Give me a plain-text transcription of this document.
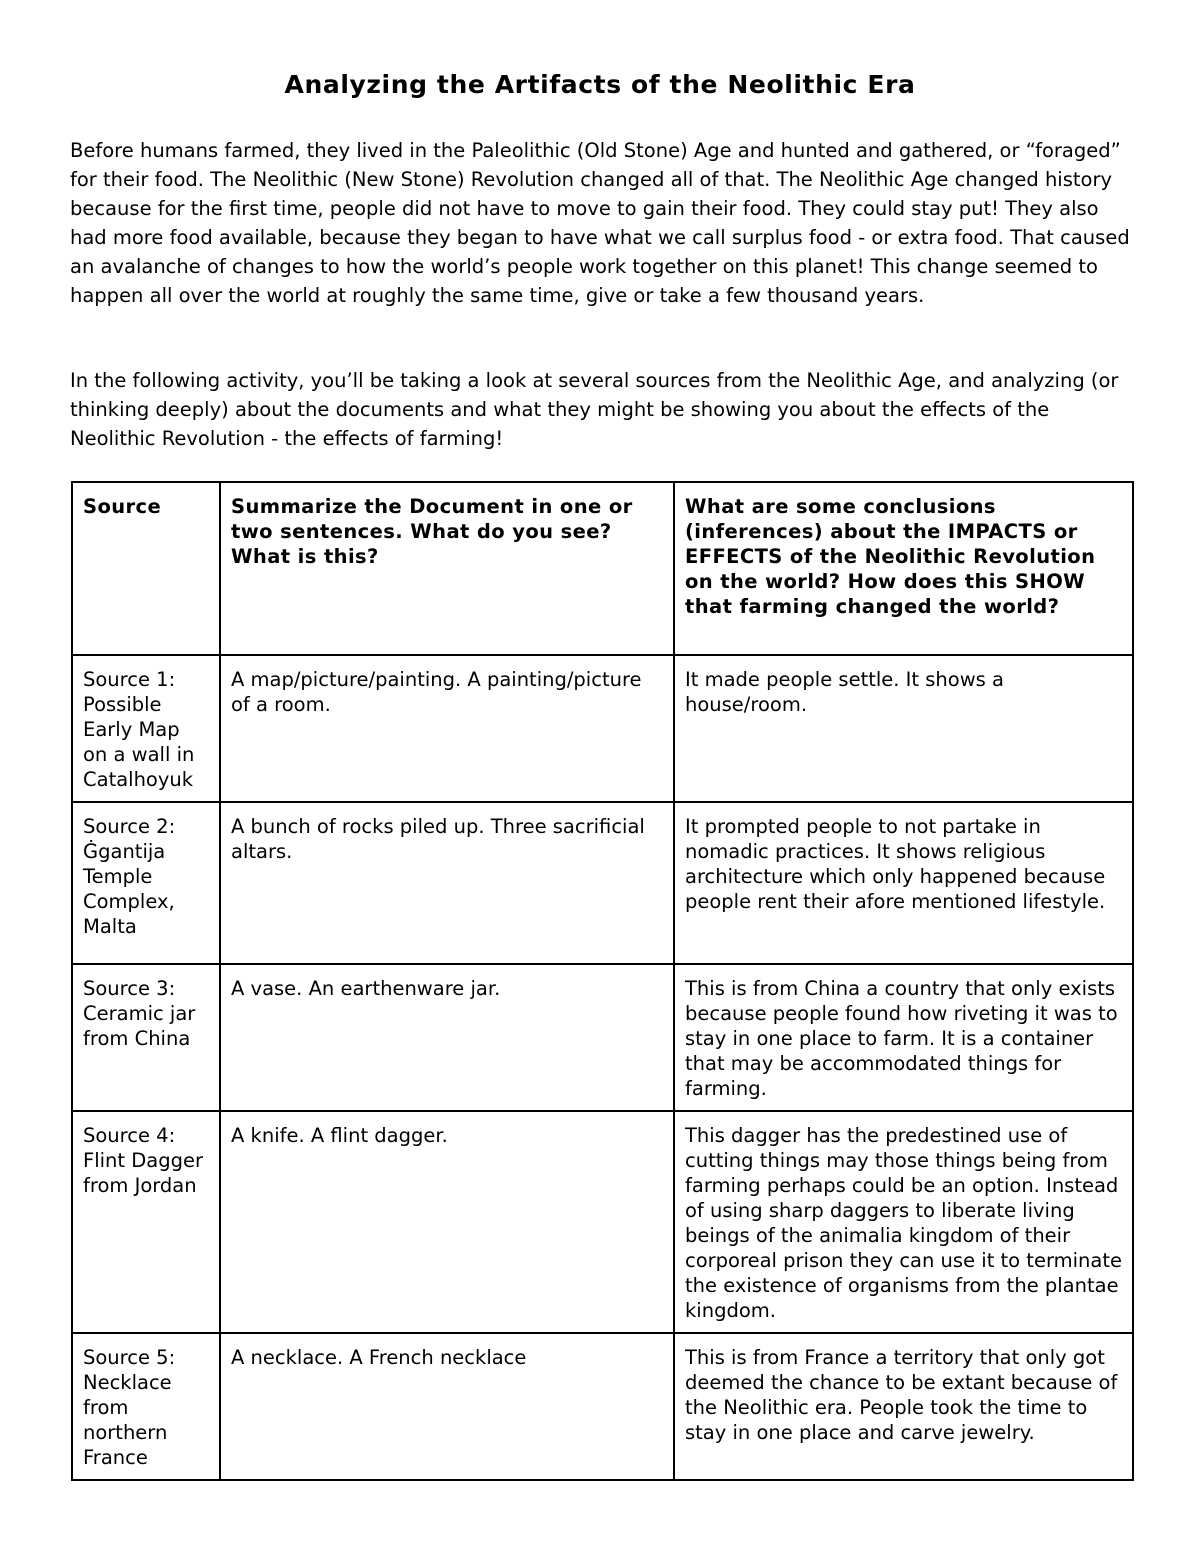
Analyzing the Artifacts of the Neolithic Era

Before humans farmed, they lived in the Paleolithic (Old Stone) Age and hunted and gathered, or “foraged” for their food. The Neolithic (New Stone) Revolution changed all of that. The Neolithic Age changed history because for the first time, people did not have to move to gain their food. They could stay put! They also had more food available, because they began to have what we call surplus food - or extra food. That caused an avalanche of changes to how the world’s people work together on this planet! This change seemed to happen all over the world at roughly the same time, give or take a few thousand years.

In the following activity, you’ll be taking a look at several sources from the Neolithic Age, and analyzing (or thinking deeply) about the documents and what they might be showing you about the effects of the Neolithic Revolution - the effects of farming!

Source	Summarize the Document in one or two sentences. What do you see? What is this?	What are some conclusions (inferences) about the IMPACTS or EFFECTS of the Neolithic Revolution on the world? How does this SHOW that farming changed the world?
Source 1: Possible Early Map on a wall in Catalhoyuk	A map/picture/painting. A painting/picture of a room.	It made people settle. It shows a house/room.
Source 2: Ġgantija Temple Complex, Malta	A bunch of rocks piled up. Three sacrificial altars.	It prompted people to not partake in nomadic practices. It shows religious architecture which only happened because people rent their afore mentioned lifestyle.
Source 3: Ceramic jar from China	A vase. An earthenware jar.	This is from China a country that only exists because people found how riveting it was to stay in one place to farm. It is a container that may be accommodated things for farming.
Source 4: Flint Dagger from Jordan	A knife. A flint dagger.	This dagger has the predestined use of cutting things may those things being from farming perhaps could be an option. Instead of using sharp daggers to liberate living beings of the animalia kingdom of their corporeal prison they can use it to terminate the existence of organisms from the plantae kingdom.
Source 5: Necklace from northern France	A necklace. A French necklace	This is from France a territory that only got deemed the chance to be extant because of the Neolithic era. People took the time to stay in one place and carve jewelry.
